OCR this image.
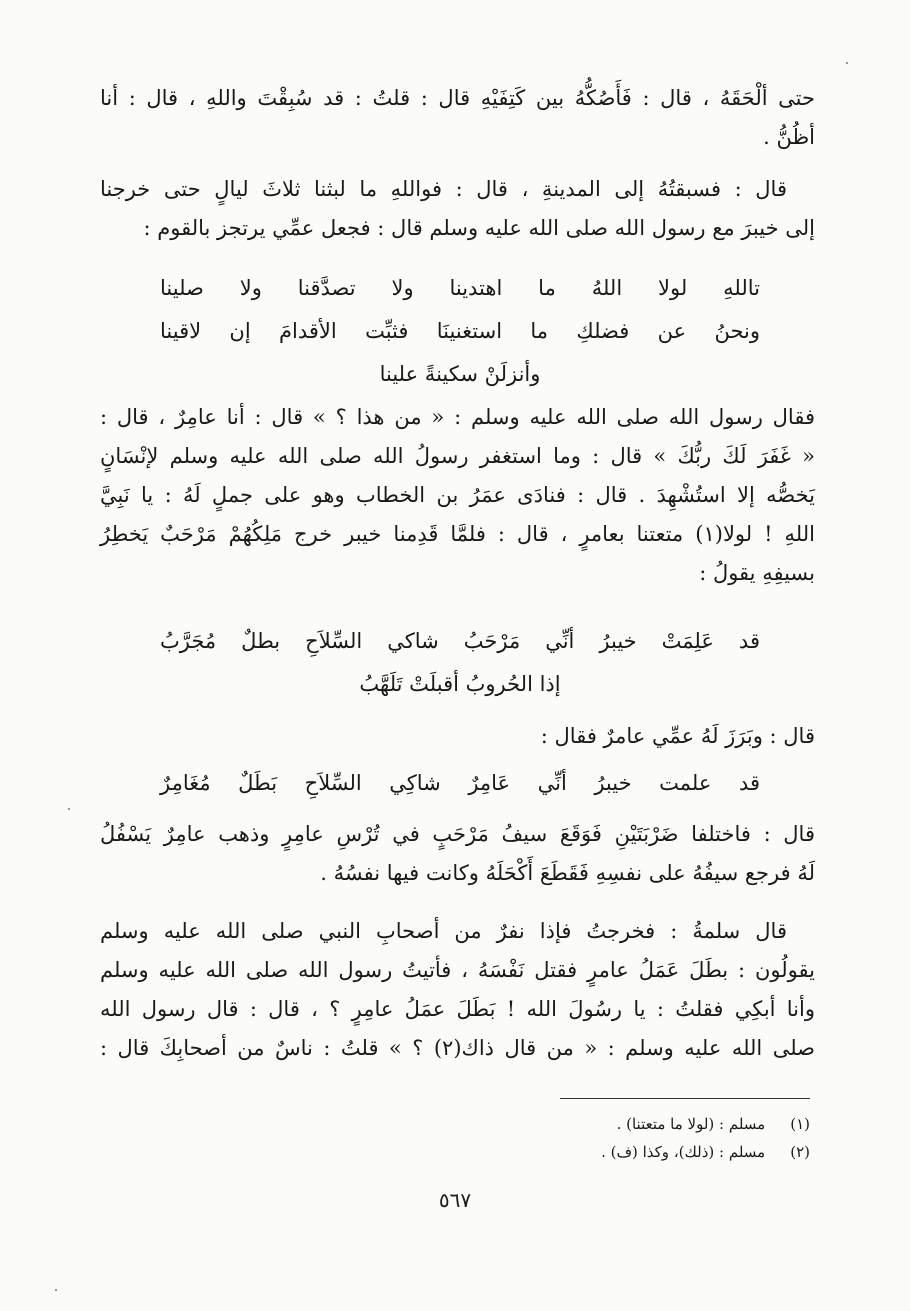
حتى ألْحَقَهُ ، قال : فَأَصُكُّهُ بين كَتِفَيْهِ قال : قلتُ : قد سُبِقْتَ واللهِ ، قال : أنا
أظُنُّ .
قال : فسبقتُهُ إلى المدينةِ ، قال : فواللهِ ما لبثنا ثلاثَ ليالٍ حتى خرجنا
إلى خيبرَ مع رسول الله صلى الله عليه وسلم قال : فجعل عمِّي يرتجز بالقوم :
تاللهِ لولا اللهُ ما اهتدينا ولا تصدَّقنا ولا صلينا
ونحنُ عن فضلكِ ما استغنينَا فثبِّت الأقدامَ إن لاقينا
وأنزلَنْ سكينةً علينا
فقال رسول الله صلى الله عليه وسلم : « من هذا ؟ » قال : أنا عامِرٌ ، قال :
« غَفَرَ لَكَ ربُّكَ » قال : وما استغفر رسولُ الله صلى الله عليه وسلم لإنْسَانٍ
يَخصُّه إلا استُشْهِدَ . قال : فنادَى عمَرُ بن الخطاب وهو على جملٍ لَهُ : يا نَبِيَّ
اللهِ ! لولا(١) متعتنا بعامرٍ ، قال : فلمَّا قَدِمنا خيبر خرج مَلِكُهُمْ مَرْحَبٌ يَخطِرُ
بسيفِهِ يقولُ :
قد عَلِمَتْ خيبرُ أنِّي مَرْحَبُ شاكي السِّلاَحِ بطلٌ مُجَرَّبُ
إذا الحُروبُ أقبلَتْ تَلَهَّبُ
قال : وبَرَزَ لَهُ عمِّي عامرٌ فقال :
قد علمت خيبرُ أنِّي عَامِرٌ شاكِي السِّلاَحِ بَطَلٌ مُغَامِرٌ
قال : فاختلفا ضَرْبَتَيْنِ فَوَقَعَ سيفُ مَرْحَبٍ في تُرْسِ عامِرٍ وذهب عامِرٌ يَسْفُلُ
لَهُ فرجع سيفُهُ على نفسِهِ فَقَطَعَ أَكْحَلَهُ وكانت فيها نفسُهُ .
قال سلمةُ : فخرجتُ فإذا نفرٌ من أصحابِ النبي صلى الله عليه وسلم
يقولُون : بطَلَ عَمَلُ عامرٍ فقتل نَفْسَهُ ، فأتيتُ رسول الله صلى الله عليه وسلم
وأنا أبكِي فقلتُ : يا رسُولَ الله ! بَطَلَ عمَلُ عامِرٍ ؟ ، قال : قال رسول الله
صلى الله عليه وسلم : « من قال ذاك(٢) ؟ » قلتُ : ناسٌ من أصحابِكَ قال :
(١) مسلم : (لولا ما متعتنا) .
(٢) مسلم : (ذلك)، وكذا (ف) .
٥٦٧
